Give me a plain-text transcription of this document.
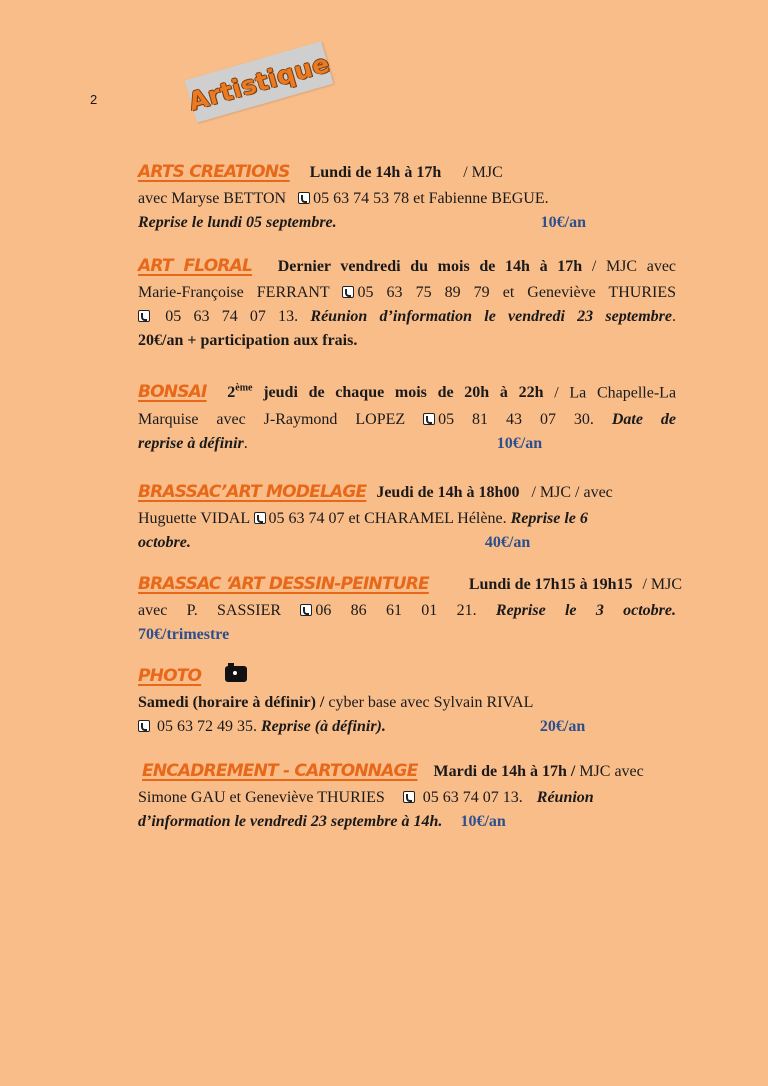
2	Artistique
ARTS CREATIONS Lundi de 14h à 17h / MJC
avec Maryse BETTON 05 63 74 53 78 et Fabienne BEGUE.
Reprise le lundi 05 septembre.	10€/an
ART FLORAL Dernier vendredi du mois de 14h à 17h / MJC avec
Marie-Françoise FERRANT 05 63 75 89 79 et Geneviève THURIES
05 63 74 07 13. Réunion d’information le vendredi 23 septembre.
20€/an + participation aux frais.
BONSAI 2ème jeudi de chaque mois de 20h à 22h / La Chapelle-La
Marquise avec J-Raymond LOPEZ 05 81 43 07 30. Date de
reprise à définir.	10€/an
BRASSAC’ART MODELAGE Jeudi de 14h à 18h00 / MJC / avec
Huguette VIDAL 05 63 74 07 et CHARAMEL Hélène. Reprise le 6
octobre.	40€/an
BRASSAC ‘ART DESSIN-PEINTURE	Lundi de 17h15 à 19h15 / MJC
avec P. SASSIER 06 86 61 01 21. Reprise le 3 octobre.
70€/trimestre
PHOTO
Samedi (horaire à définir) / cyber base avec Sylvain RIVAL
05 63 72 49 35. Reprise (à définir).	20€/an
ENCADREMENT - CARTONNAGE Mardi de 14h à 17h / MJC avec
Simone GAU et Geneviève THURIES 05 63 74 07 13. Réunion
d’information le vendredi 23 septembre à 14h. 10€/an
